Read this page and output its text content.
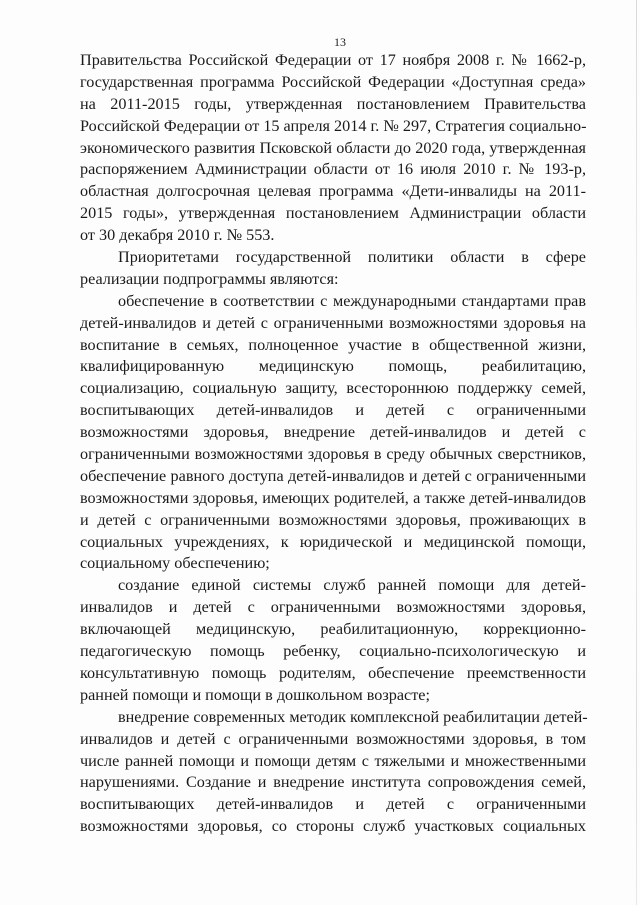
13
Правительства Российской Федерации от 17 ноября 2008 г. № 1662-р,
государственная программа Российской Федерации «Доступная среда»
на 2011-2015 годы, утвержденная постановлением Правительства
Российской Федерации от 15 апреля 2014 г. № 297, Стратегия социально-
экономического развития Псковской области до 2020 года, утвержденная
распоряжением Администрации области от 16 июля 2010 г. № 193-р,
областная долгосрочная целевая программа «Дети-инвалиды на 2011-
2015 годы», утвержденная постановлением Администрации области
от 30 декабря 2010 г. № 553.
Приоритетами государственной политики области в сфере
реализации подпрограммы являются:
обеспечение в соответствии с международными стандартами прав
детей-инвалидов и детей с ограниченными возможностями здоровья на
воспитание в семьях, полноценное участие в общественной жизни,
квалифицированную медицинскую помощь, реабилитацию,
социализацию, социальную защиту, всестороннюю поддержку семей,
воспитывающих детей-инвалидов и детей с ограниченными
возможностями здоровья, внедрение детей-инвалидов и детей с
ограниченными возможностями здоровья в среду обычных сверстников,
обеспечение равного доступа детей-инвалидов и детей с ограниченными
возможностями здоровья, имеющих родителей, а также детей-инвалидов
и детей с ограниченными возможностями здоровья, проживающих в
социальных учреждениях, к юридической и медицинской помощи,
социальному обеспечению;
создание единой системы служб ранней помощи для детей-
инвалидов и детей с ограниченными возможностями здоровья,
включающей медицинскую, реабилитационную, коррекционно-
педагогическую помощь ребенку, социально-психологическую и
консультативную помощь родителям, обеспечение преемственности
ранней помощи и помощи в дошкольном возрасте;
внедрение современных методик комплексной реабилитации детей-
инвалидов и детей с ограниченными возможностями здоровья, в том
числе ранней помощи и помощи детям с тяжелыми и множественными
нарушениями. Создание и внедрение института сопровождения семей,
воспитывающих детей-инвалидов и детей с ограниченными
возможностями здоровья, со стороны служб участковых социальных
